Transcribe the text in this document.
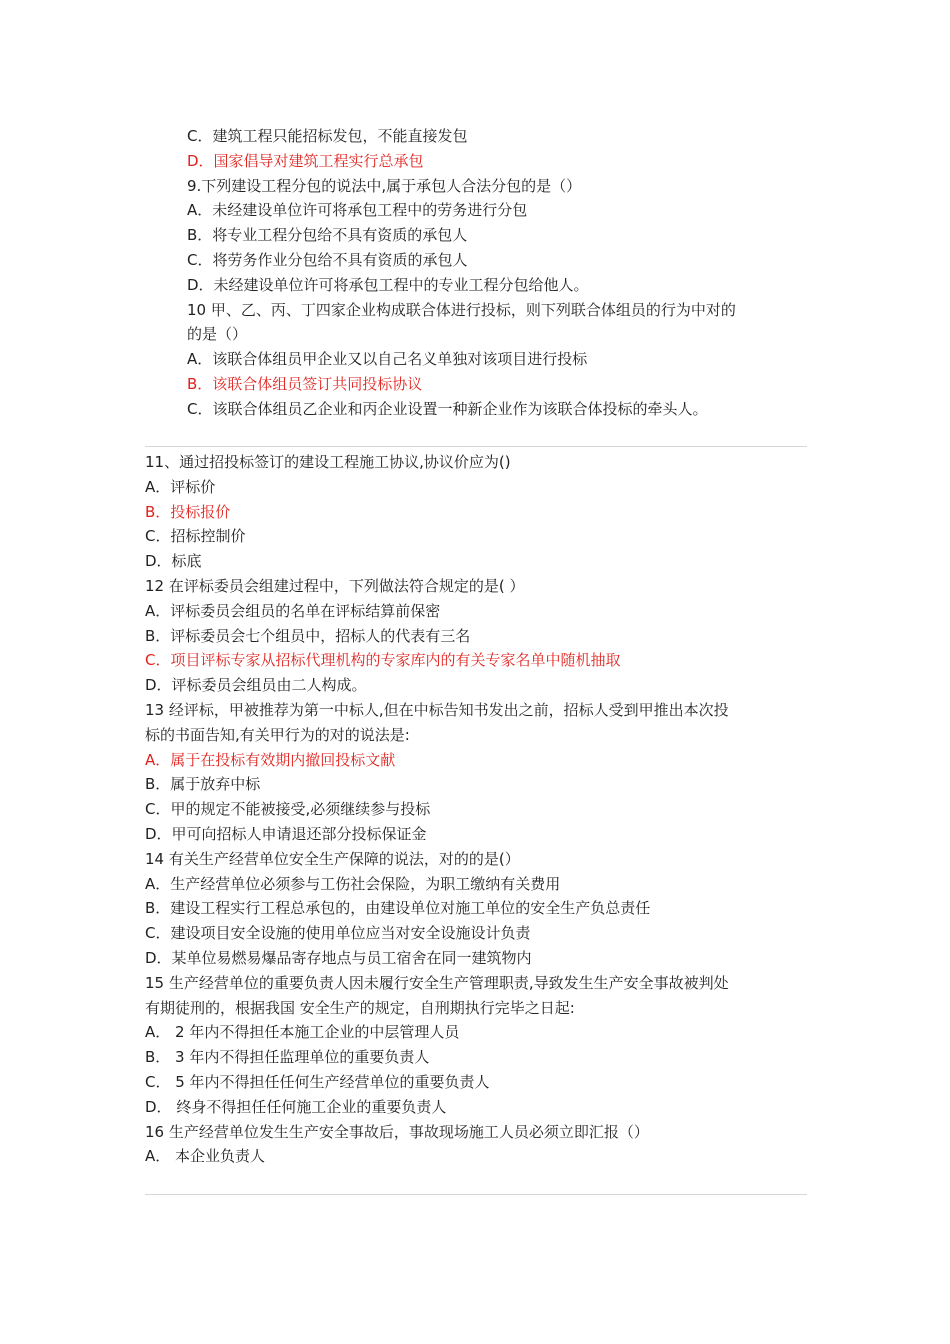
C．建筑工程只能招标发包，不能直接发包
D．国家倡导对建筑工程实行总承包
9.下列建设工程分包的说法中,属于承包人合法分包的是（）
A．未经建设单位许可将承包工程中的劳务进行分包
B．将专业工程分包给不具有资质的承包人
C．将劳务作业分包给不具有资质的承包人
D．未经建设单位许可将承包工程中的专业工程分包给他人。
10 甲、乙、丙、丁四家企业构成联合体进行投标，则下列联合体组员的行为中对的
的是（）
A．该联合体组员甲企业又以自己名义单独对该项目进行投标
B．该联合体组员签订共同投标协议
C．该联合体组员乙企业和丙企业设置一种新企业作为该联合体投标的牵头人。
11、通过招投标签订的建设工程施工协议,协议价应为()
A．评标价
B．投标报价
C．招标控制价
D．标底
12 在评标委员会组建过程中，下列做法符合规定的是( ）
A．评标委员会组员的名单在评标结算前保密
B．评标委员会七个组员中，招标人的代表有三名
C．项目评标专家从招标代理机构的专家库内的有关专家名单中随机抽取
D．评标委员会组员由二人构成。
13 经评标，甲被推荐为第一中标人,但在中标告知书发出之前，招标人受到甲推出本次投
标的书面告知,有关甲行为的对的说法是:
A．属于在投标有效期内撤回投标文献
B．属于放弃中标
C．甲的规定不能被接受,必须继续参与投标
D．甲可向招标人申请退还部分投标保证金
14 有关生产经营单位安全生产保障的说法，对的的是(）
A．生产经营单位必须参与工伤社会保险，为职工缴纳有关费用
B．建设工程实行工程总承包的，由建设单位对施工单位的安全生产负总责任
C．建设项目安全设施的使用单位应当对安全设施设计负责
D．某单位易燃易爆品寄存地点与员工宿舍在同一建筑物内
15 生产经营单位的重要负责人因未履行安全生产管理职责,导致发生生产安全事故被判处
有期徒刑的，根据我国 安全生产的规定，自刑期执行完毕之日起:
A． 2 年内不得担任本施工企业的中层管理人员
B． 3 年内不得担任监理单位的重要负责人
C． 5 年内不得担任任何生产经营单位的重要负责人
D． 终身不得担任任何施工企业的重要负责人
16 生产经营单位发生生产安全事故后，事故现场施工人员必须立即汇报（）
A． 本企业负责人
